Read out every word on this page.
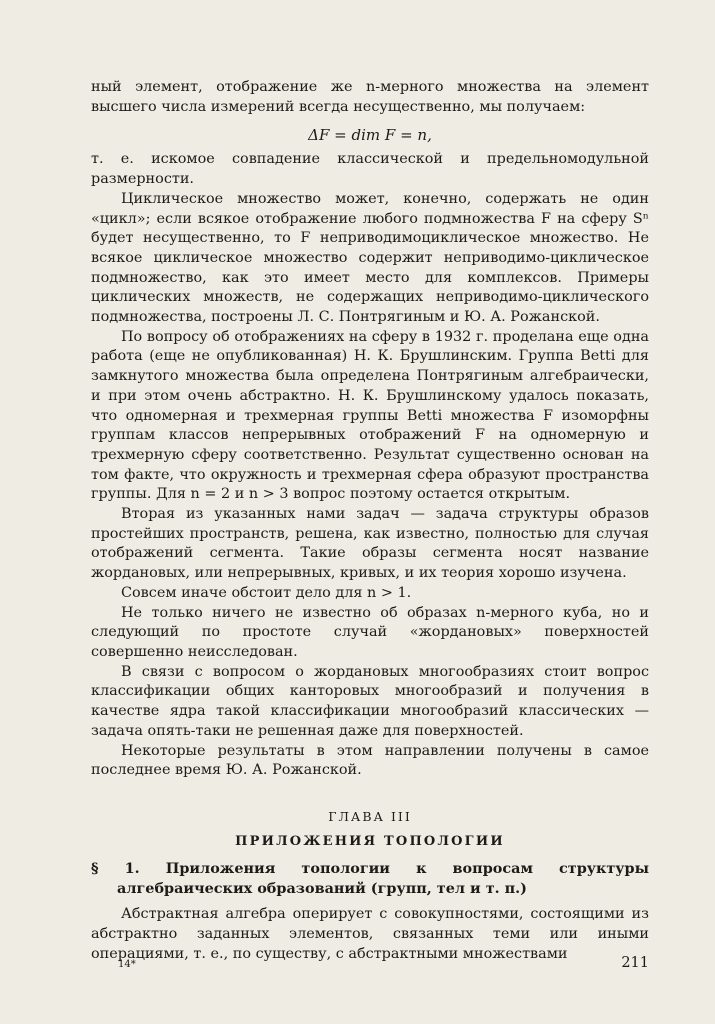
ный элемент, отображение же n-мерного множества на элемент высшего числа измерений всегда несущественно, мы получаем:

ΔF = dim F = n,

т. е. искомое совпадение классической и предельномодульной размерности.

Циклическое множество может, конечно, содержать не один «цикл»; если всякое отображение любого подмножества F на сферу Sⁿ будет несущественно, то F неприводимоциклическое множество. Не всякое циклическое множество содержит неприводимо-циклическое подмножество, как это имеет место для комплексов. Примеры циклических множеств, не содержащих неприводимо-циклического подмножества, построены Л. С. Понтрягиным и Ю. А. Рожанской.

По вопросу об отображениях на сферу в 1932 г. проделана еще одна работа (еще не опубликованная) Н. К. Брушлинским. Группа Betti для замкнутого множества была определена Понтрягиным алгебраически, и при этом очень абстрактно. Н. К. Брушлинскому удалось показать, что одномерная и трехмерная группы Betti множества F изоморфны группам классов непрерывных отображений F на одномерную и трехмерную сферу соответственно. Результат существенно основан на том факте, что окружность и трехмерная сфера образуют пространства группы. Для n = 2 и n > 3 вопрос поэтому остается открытым.

Вторая из указанных нами задач — задача структуры образов простейших пространств, решена, как известно, полностью для случая отображений сегмента. Такие образы сегмента носят название жордановых, или непрерывных, кривых, и их теория хорошо изучена.

Совсем иначе обстоит дело для n > 1.

Не только ничего не известно об образах n-мерного куба, но и следующий по простоте случай «жордановых» поверхностей совершенно неисследован.

В связи с вопросом о жордановых многообразиях стоит вопрос классификации общих канторовых многообразий и получения в качестве ядра такой классификации многообразий классических — задача опять-таки не решенная даже для поверхностей.

Некоторые результаты в этом направлении получены в самое последнее время Ю. А. Рожанской.

ГЛАВА III
ПРИЛОЖЕНИЯ ТОПОЛОГИИ
§ 1. Приложения топологии к вопросам структуры алгебраических образований (групп, тел и т. п.)

Абстрактная алгебра оперирует с совокупностями, состоящими из абстрактно заданных элементов, связанных теми или иными операциями, т. е., по существу, с абстрактными множествами

14*	211
